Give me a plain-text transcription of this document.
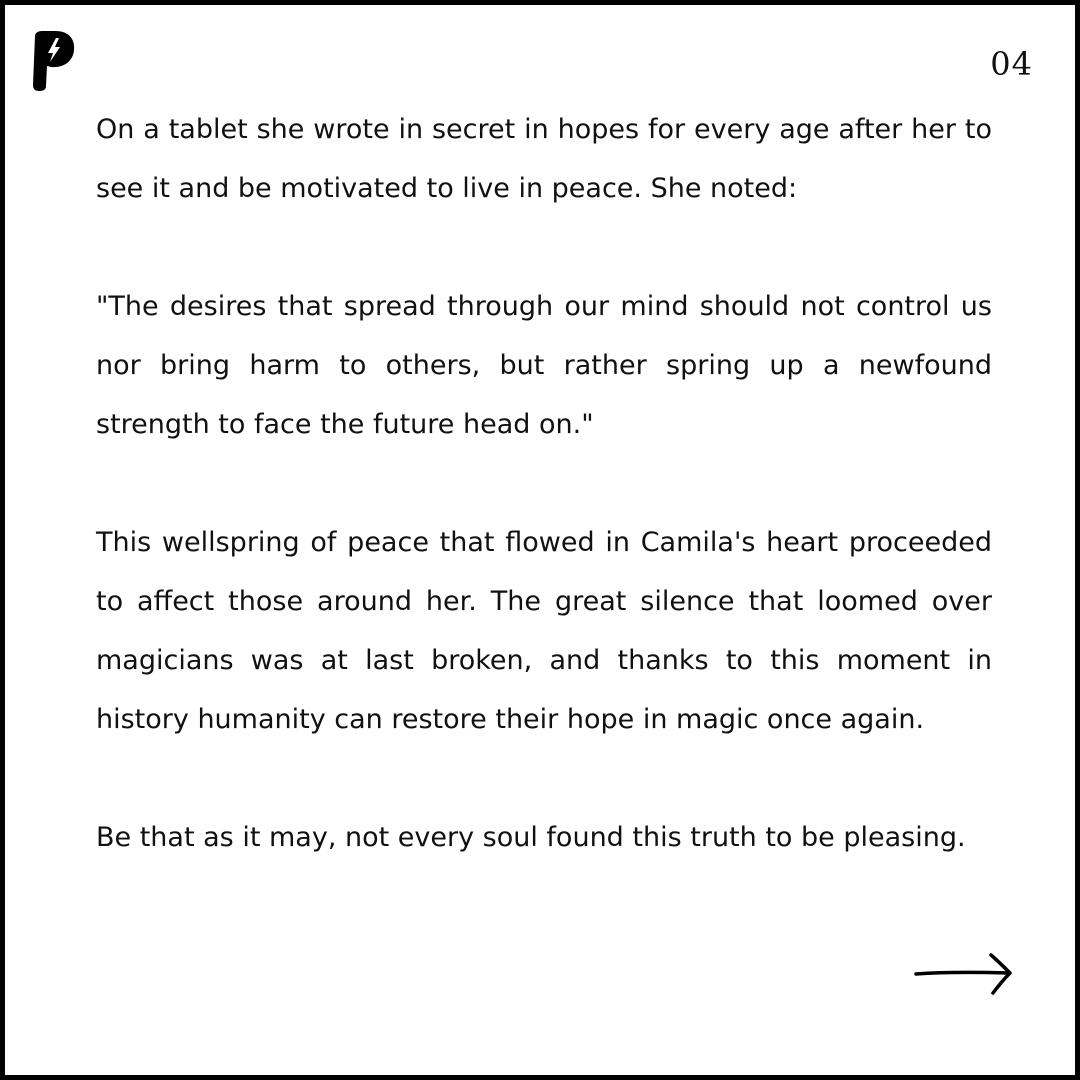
04

On a tablet she wrote in secret in hopes for every age after her to see it and be motivated to live in peace. She noted:

"The desires that spread through our mind should not control us nor bring harm to others, but rather spring up a newfound strength to face the future head on."

This wellspring of peace that flowed in Camila's heart proceeded to affect those around her. The great silence that loomed over magicians was at last broken, and thanks to this moment in history humanity can restore their hope in magic once again.

Be that as it may, not every soul found this truth to be pleasing.
